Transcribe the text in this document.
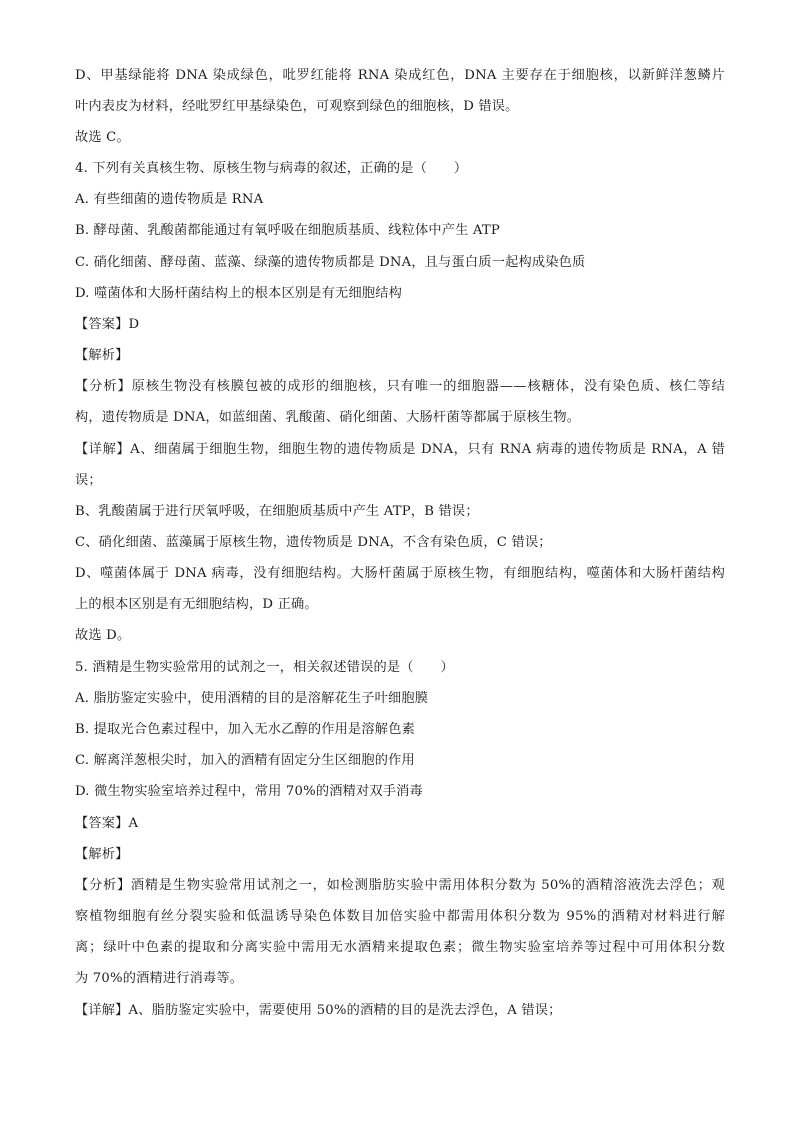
D、甲基绿能将 DNA 染成绿色，吡罗红能将 RNA 染成红色，DNA 主要存在于细胞核，以新鲜洋葱鳞片
叶内表皮为材料，经吡罗红甲基绿染色，可观察到绿色的细胞核，D 错误。
故选 C。
4. 下列有关真核生物、原核生物与病毒的叙述，正确的是（　　）
A. 有些细菌的遗传物质是 RNA
B. 酵母菌、乳酸菌都能通过有氧呼吸在细胞质基质、线粒体中产生 ATP
C. 硝化细菌、酵母菌、蓝藻、绿藻的遗传物质都是 DNA，且与蛋白质一起构成染色质
D. 噬菌体和大肠杆菌结构上的根本区别是有无细胞结构
【答案】D
【解析】
【分析】原核生物没有核膜包被的成形的细胞核，只有唯一的细胞器——核糖体，没有染色质、核仁等结
构，遗传物质是 DNA，如蓝细菌、乳酸菌、硝化细菌、大肠杆菌等都属于原核生物。
【详解】A、细菌属于细胞生物，细胞生物的遗传物质是 DNA，只有 RNA 病毒的遗传物质是 RNA，A 错
误；
B、乳酸菌属于进行厌氧呼吸，在细胞质基质中产生 ATP，B 错误；
C、硝化细菌、蓝藻属于原核生物，遗传物质是 DNA，不含有染色质，C 错误；
D、噬菌体属于 DNA 病毒，没有细胞结构。大肠杆菌属于原核生物，有细胞结构，噬菌体和大肠杆菌结构
上的根本区别是有无细胞结构，D 正确。
故选 D。
5. 酒精是生物实验常用的试剂之一，相关叙述错误的是（　　）
A. 脂肪鉴定实验中，使用酒精的目的是溶解花生子叶细胞膜
B. 提取光合色素过程中，加入无水乙醇的作用是溶解色素
C. 解离洋葱根尖时，加入的酒精有固定分生区细胞的作用
D. 微生物实验室培养过程中，常用 70%的酒精对双手消毒
【答案】A
【解析】
【分析】酒精是生物实验常用试剂之一，如检测脂肪实验中需用体积分数为 50%的酒精溶液洗去浮色；观
察植物细胞有丝分裂实验和低温诱导染色体数目加倍实验中都需用体积分数为 95%的酒精对材料进行解
离；绿叶中色素的提取和分离实验中需用无水酒精来提取色素；微生物实验室培养等过程中可用体积分数
为 70%的酒精进行消毒等。
【详解】A、脂肪鉴定实验中，需要使用 50%的酒精的目的是洗去浮色，A 错误；
